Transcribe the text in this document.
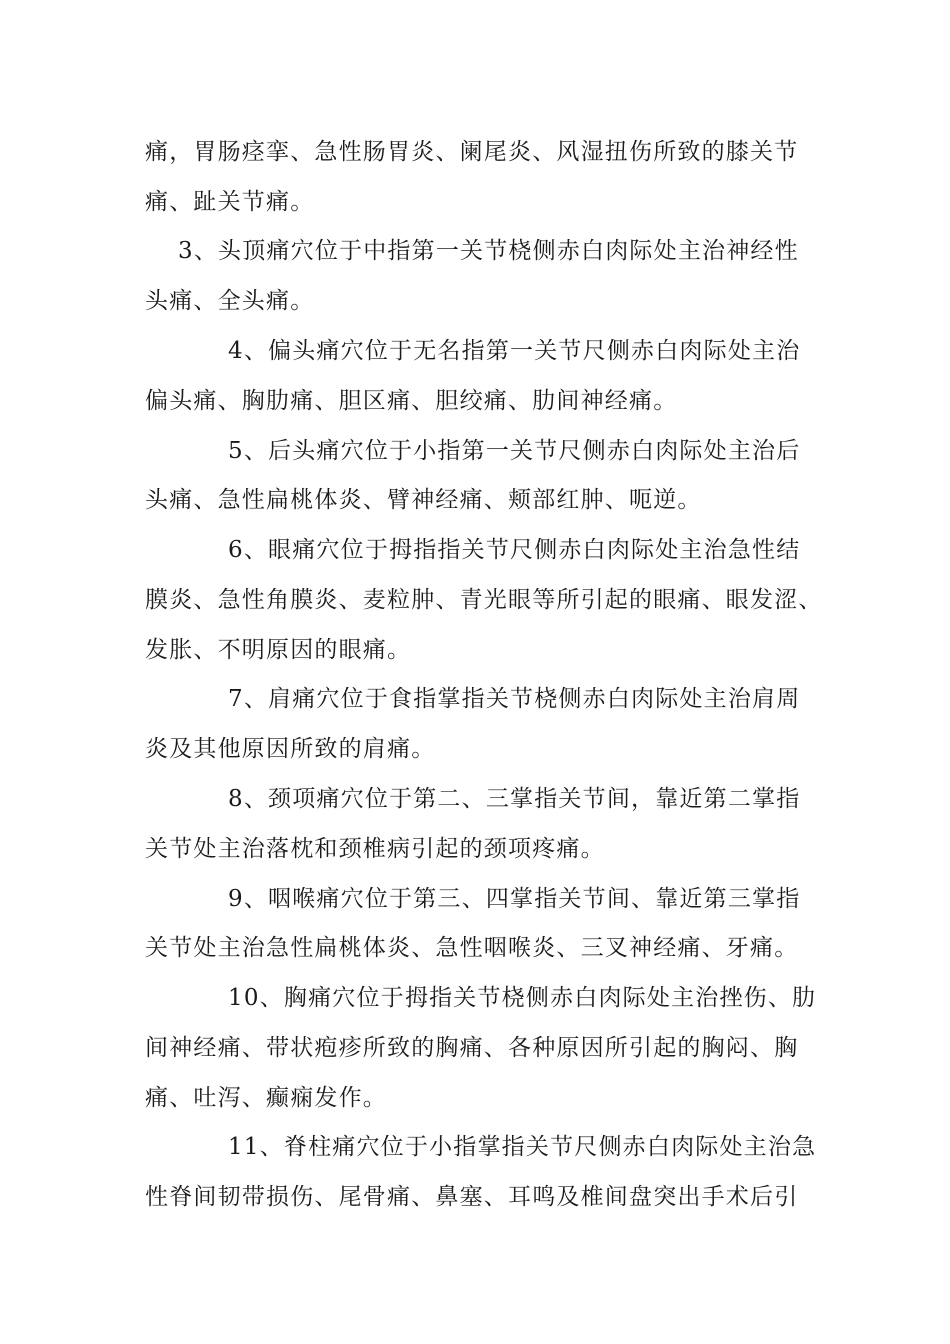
痛，胃肠痉挛、急性肠胃炎、阑尾炎、风湿扭伤所致的膝关节
痛、趾关节痛。
3、头顶痛穴位于中指第一关节桡侧赤白肉际处主治神经性
头痛、全头痛。
4、偏头痛穴位于无名指第一关节尺侧赤白肉际处主治
偏头痛、胸肋痛、胆区痛、胆绞痛、肋间神经痛。
5、后头痛穴位于小指第一关节尺侧赤白肉际处主治后
头痛、急性扁桃体炎、臂神经痛、颊部红肿、呃逆。
6、眼痛穴位于拇指指关节尺侧赤白肉际处主治急性结
膜炎、急性角膜炎、麦粒肿、青光眼等所引起的眼痛、眼发涩、
发胀、不明原因的眼痛。
7、肩痛穴位于食指掌指关节桡侧赤白肉际处主治肩周
炎及其他原因所致的肩痛。
8、颈项痛穴位于第二、三掌指关节间，靠近第二掌指
关节处主治落枕和颈椎病引起的颈项疼痛。
9、咽喉痛穴位于第三、四掌指关节间、靠近第三掌指
关节处主治急性扁桃体炎、急性咽喉炎、三叉神经痛、牙痛。
10、胸痛穴位于拇指关节桡侧赤白肉际处主治挫伤、肋
间神经痛、带状疱疹所致的胸痛、各种原因所引起的胸闷、胸
痛、吐泻、癫痫发作。
11、脊柱痛穴位于小指掌指关节尺侧赤白肉际处主治急
性脊间韧带损伤、尾骨痛、鼻塞、耳鸣及椎间盘突出手术后引
